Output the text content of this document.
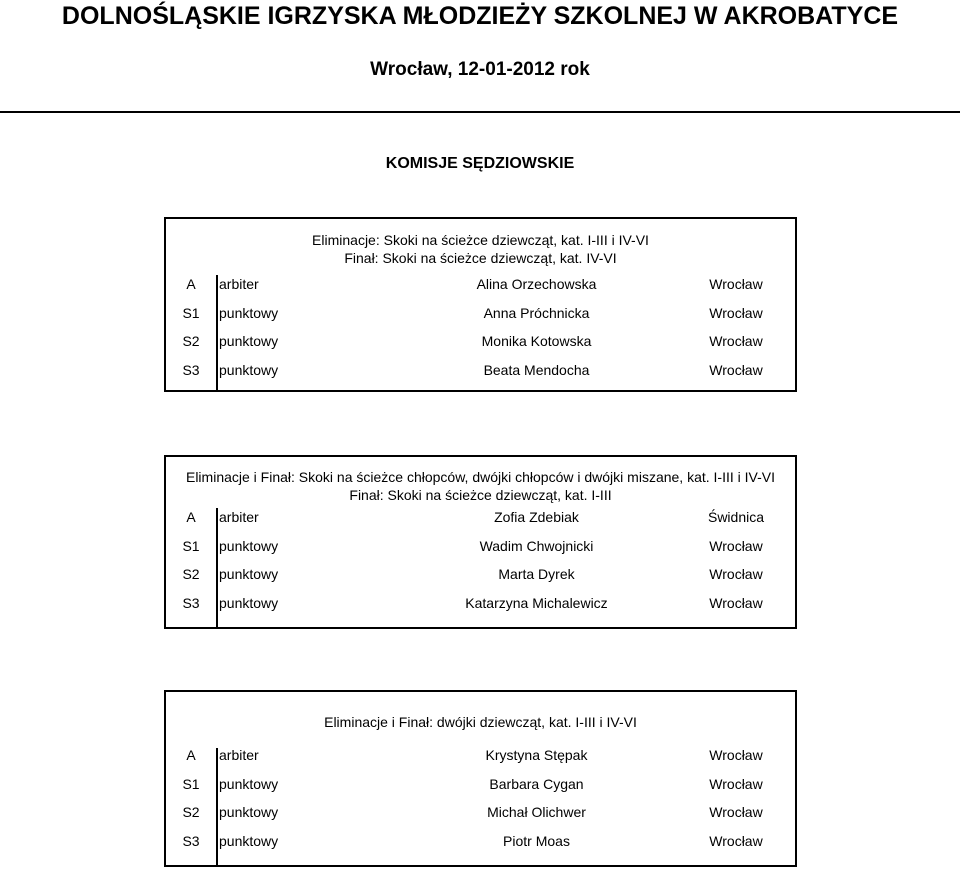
DOLNOŚLĄSKIE IGRZYSKA MŁODZIEŻY SZKOLNEJ W AKROBATYCE
Wrocław, 12-01-2012 rok
KOMISJE SĘDZIOWSKIE
Eliminacje: Skoki na ścieżce dziewcząt, kat. I-III i IV-VI
Finał: Skoki na ścieżce dziewcząt, kat. IV-VI
A	arbiter	Alina Orzechowska	Wrocław
S1	punktowy	Anna Próchnicka	Wrocław
S2	punktowy	Monika Kotowska	Wrocław
S3	punktowy	Beata Mendocha	Wrocław
Eliminacje i Finał: Skoki na ścieżce chłopców, dwójki chłopców i dwójki miszane, kat. I-III i IV-VI
Finał: Skoki na ścieżce dziewcząt, kat. I-III
A	arbiter	Zofia Zdebiak	Świdnica
S1	punktowy	Wadim Chwojnicki	Wrocław
S2	punktowy	Marta Dyrek	Wrocław
S3	punktowy	Katarzyna Michalewicz	Wrocław
Eliminacje i Finał: dwójki dziewcząt, kat. I-III i IV-VI
A	arbiter	Krystyna Stępak	Wrocław
S1	punktowy	Barbara Cygan	Wrocław
S2	punktowy	Michał Olichwer	Wrocław
S3	punktowy	Piotr Moas	Wrocław
